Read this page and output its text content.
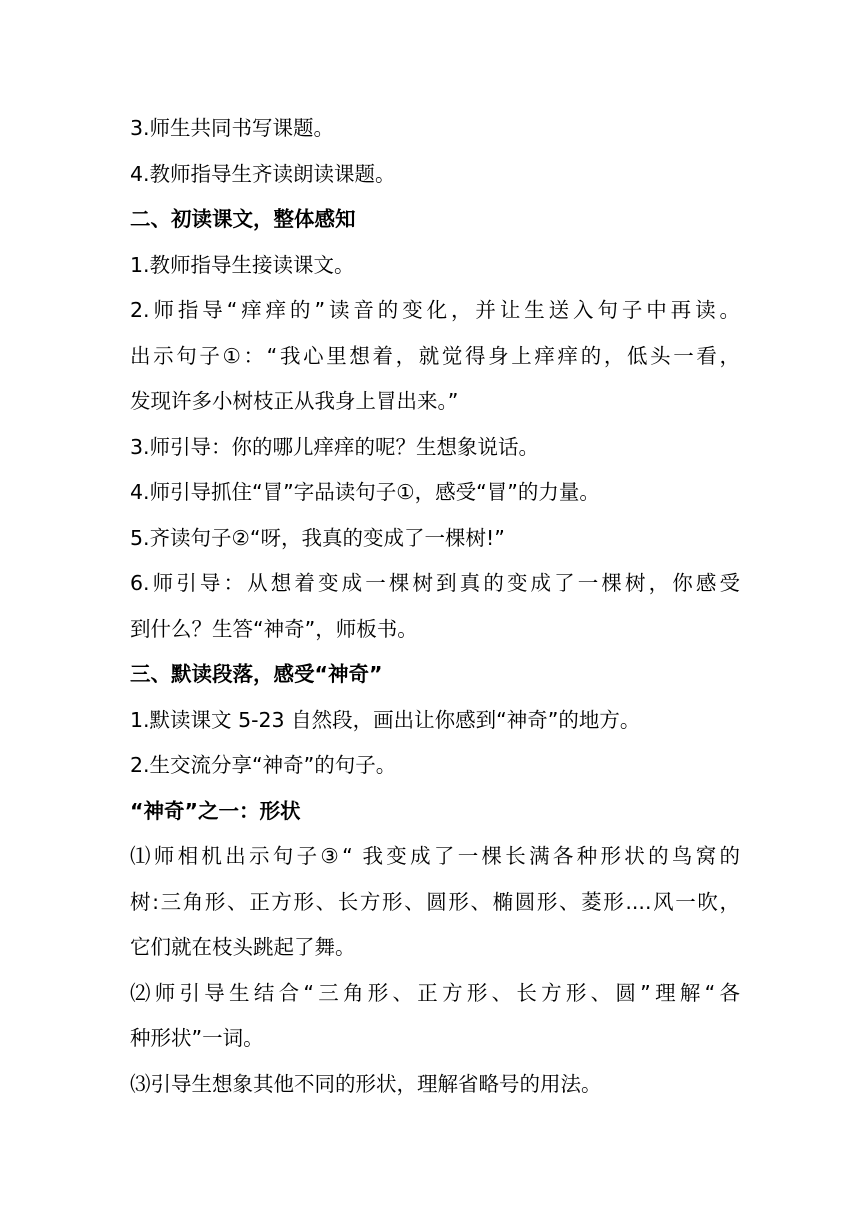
3.师生共同书写课题。
4.教师指导生齐读朗读课题。
二、初读课文，整体感知
1.教师指导生接读课文。
2.师指导“痒痒的”读音的变化，并让生送入句子中再读。
出示句子①：“我心里想着，就觉得身上痒痒的，低头一看，
发现许多小树枝正从我身上冒出来。”
3.师引导：你的哪儿痒痒的呢？生想象说话。
4.师引导抓住“冒”字品读句子①，感受“冒”的力量。
5.齐读句子②“呀，我真的变成了一棵树!”
6.师引导：从想着变成一棵树到真的变成了一棵树，你感受
到什么？生答“神奇”，师板书。
三、默读段落，感受“神奇”
1.默读课文 5-23 自然段，画出让你感到“神奇”的地方。
2.生交流分享“神奇”的句子。
“神奇”之一：形状
⑴师相机出示句子③“ 我变成了一棵长满各种形状的鸟窝的
树:三角形、正方形、长方形、圆形、椭圆形、菱形....风一吹，
它们就在枝头跳起了舞。
⑵师引导生结合“三角形、正方形、长方形、圆”理解“各
种形状”一词。
⑶引导生想象其他不同的形状，理解省略号的用法。
